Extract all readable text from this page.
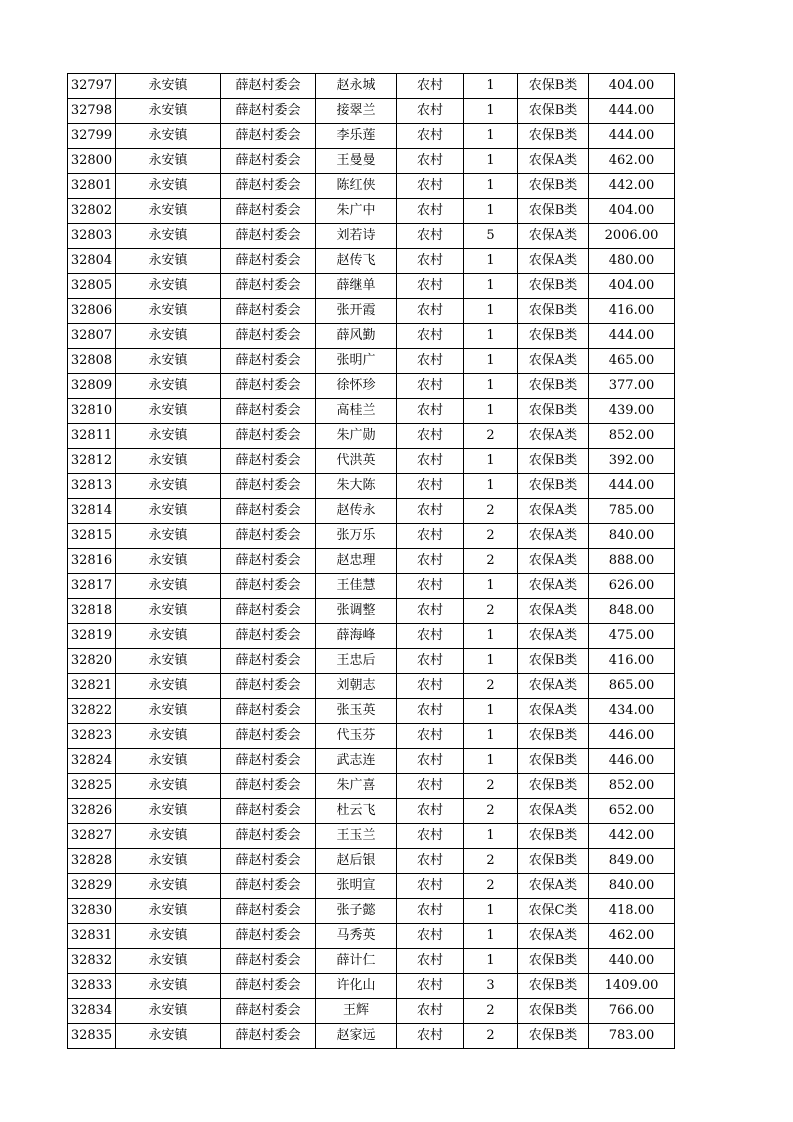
32797	永安镇	薛赵村委会	赵永城	农村	1	农保B类	404.00
32798	永安镇	薛赵村委会	接翠兰	农村	1	农保B类	444.00
32799	永安镇	薛赵村委会	李乐莲	农村	1	农保B类	444.00
32800	永安镇	薛赵村委会	王曼曼	农村	1	农保A类	462.00
32801	永安镇	薛赵村委会	陈红侠	农村	1	农保B类	442.00
32802	永安镇	薛赵村委会	朱广中	农村	1	农保B类	404.00
32803	永安镇	薛赵村委会	刘若诗	农村	5	农保A类	2006.00
32804	永安镇	薛赵村委会	赵传飞	农村	1	农保A类	480.00
32805	永安镇	薛赵村委会	薛继单	农村	1	农保B类	404.00
32806	永安镇	薛赵村委会	张开霞	农村	1	农保B类	416.00
32807	永安镇	薛赵村委会	薛风勤	农村	1	农保B类	444.00
32808	永安镇	薛赵村委会	张明广	农村	1	农保A类	465.00
32809	永安镇	薛赵村委会	徐怀珍	农村	1	农保B类	377.00
32810	永安镇	薛赵村委会	高桂兰	农村	1	农保B类	439.00
32811	永安镇	薛赵村委会	朱广勋	农村	2	农保A类	852.00
32812	永安镇	薛赵村委会	代洪英	农村	1	农保B类	392.00
32813	永安镇	薛赵村委会	朱大陈	农村	1	农保B类	444.00
32814	永安镇	薛赵村委会	赵传永	农村	2	农保A类	785.00
32815	永安镇	薛赵村委会	张万乐	农村	2	农保A类	840.00
32816	永安镇	薛赵村委会	赵忠理	农村	2	农保A类	888.00
32817	永安镇	薛赵村委会	王佳慧	农村	1	农保A类	626.00
32818	永安镇	薛赵村委会	张调整	农村	2	农保A类	848.00
32819	永安镇	薛赵村委会	薛海峰	农村	1	农保A类	475.00
32820	永安镇	薛赵村委会	王忠后	农村	1	农保B类	416.00
32821	永安镇	薛赵村委会	刘朝志	农村	2	农保A类	865.00
32822	永安镇	薛赵村委会	张玉英	农村	1	农保A类	434.00
32823	永安镇	薛赵村委会	代玉芬	农村	1	农保B类	446.00
32824	永安镇	薛赵村委会	武志连	农村	1	农保B类	446.00
32825	永安镇	薛赵村委会	朱广喜	农村	2	农保B类	852.00
32826	永安镇	薛赵村委会	杜云飞	农村	2	农保A类	652.00
32827	永安镇	薛赵村委会	王玉兰	农村	1	农保B类	442.00
32828	永安镇	薛赵村委会	赵后银	农村	2	农保B类	849.00
32829	永安镇	薛赵村委会	张明宣	农村	2	农保A类	840.00
32830	永安镇	薛赵村委会	张子懿	农村	1	农保C类	418.00
32831	永安镇	薛赵村委会	马秀英	农村	1	农保A类	462.00
32832	永安镇	薛赵村委会	薛计仁	农村	1	农保B类	440.00
32833	永安镇	薛赵村委会	许化山	农村	3	农保B类	1409.00
32834	永安镇	薛赵村委会	王辉	农村	2	农保B类	766.00
32835	永安镇	薛赵村委会	赵家远	农村	2	农保B类	783.00
